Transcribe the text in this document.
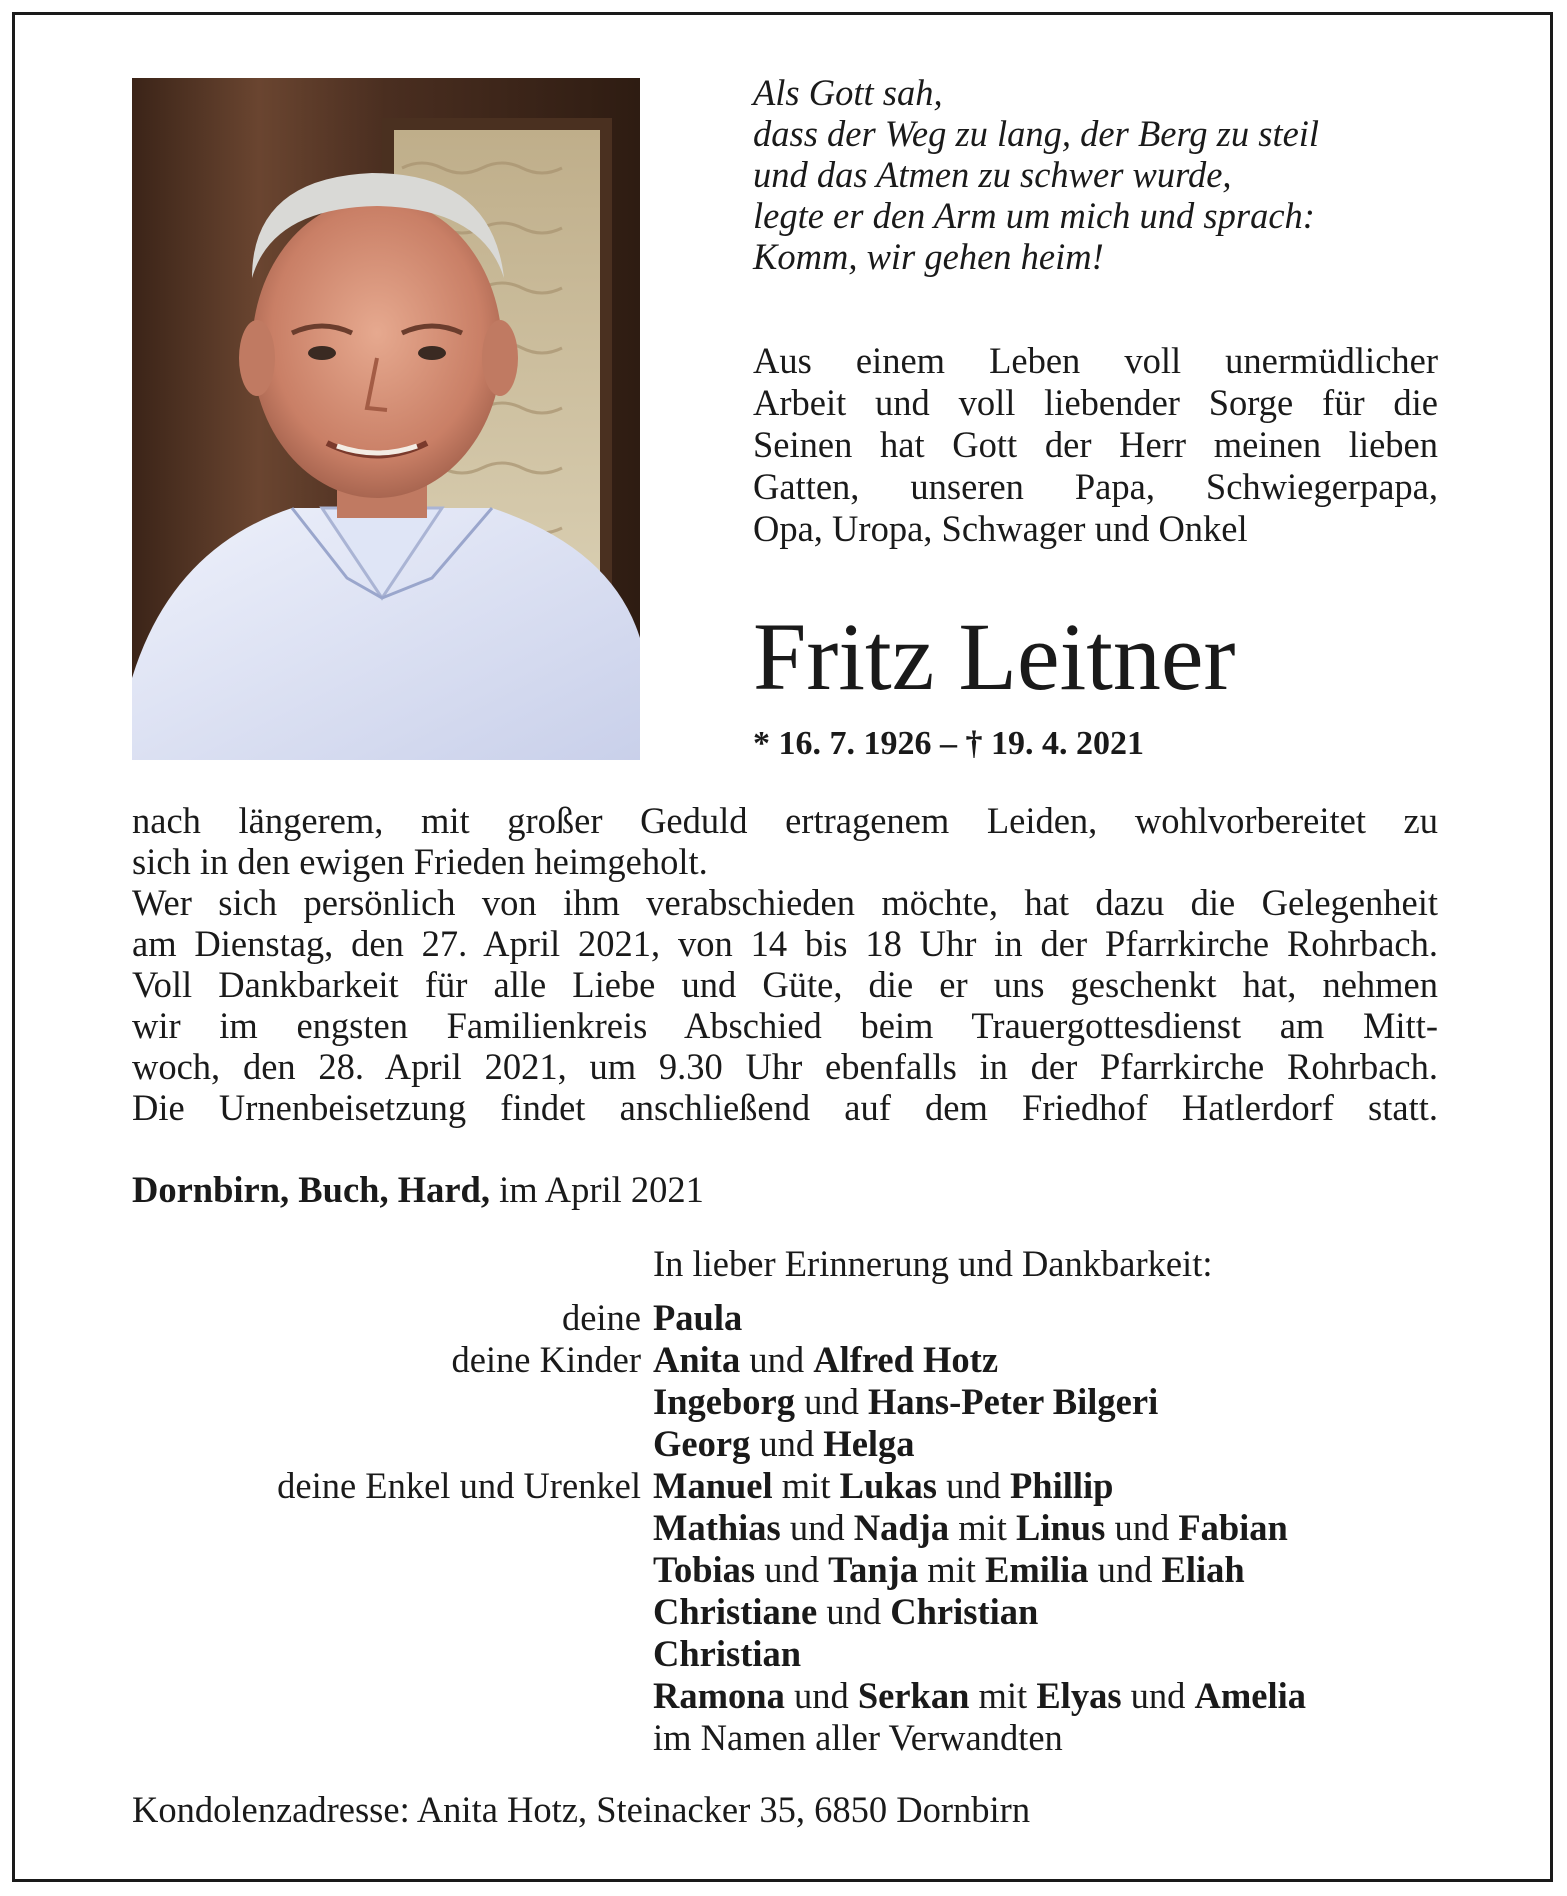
Als Gott sah,
dass der Weg zu lang, der Berg zu steil
und das Atmen zu schwer wurde,
legte er den Arm um mich und sprach:
Komm, wir gehen heim!
Aus einem Leben voll unermüdlicher
Arbeit und voll liebender Sorge für die
Seinen hat Gott der Herr meinen lieben
Gatten, unseren Papa, Schwiegerpapa,
Opa, Uropa, Schwager und Onkel
Fritz Leitner
* 16. 7. 1926 – † 19. 4. 2021
nach längerem, mit großer Geduld ertragenem Leiden, wohlvorbereitet zu
sich in den ewigen Frieden heimgeholt.
Wer sich persönlich von ihm verabschieden möchte, hat dazu die Gelegenheit
am Dienstag, den 27. April 2021, von 14 bis 18 Uhr in der Pfarrkirche Rohrbach.
Voll Dankbarkeit für alle Liebe und Güte, die er uns geschenkt hat, nehmen
wir im engsten Familienkreis Abschied beim Trauergottesdienst am Mitt-
woch, den 28. April 2021, um 9.30 Uhr ebenfalls in der Pfarrkirche Rohrbach.
Die Urnenbeisetzung findet anschließend auf dem Friedhof Hatlerdorf statt.
Dornbirn, Buch, Hard, im April 2021
In lieber Erinnerung und Dankbarkeit:
deine Paula
deine Kinder Anita und Alfred Hotz
Ingeborg und Hans-Peter Bilgeri
Georg und Helga
deine Enkel und Urenkel Manuel mit Lukas und Phillip
Mathias und Nadja mit Linus und Fabian
Tobias und Tanja mit Emilia und Eliah
Christiane und Christian
Christian
Ramona und Serkan mit Elyas und Amelia
im Namen aller Verwandten
Kondolenzadresse: Anita Hotz, Steinacker 35, 6850 Dornbirn
